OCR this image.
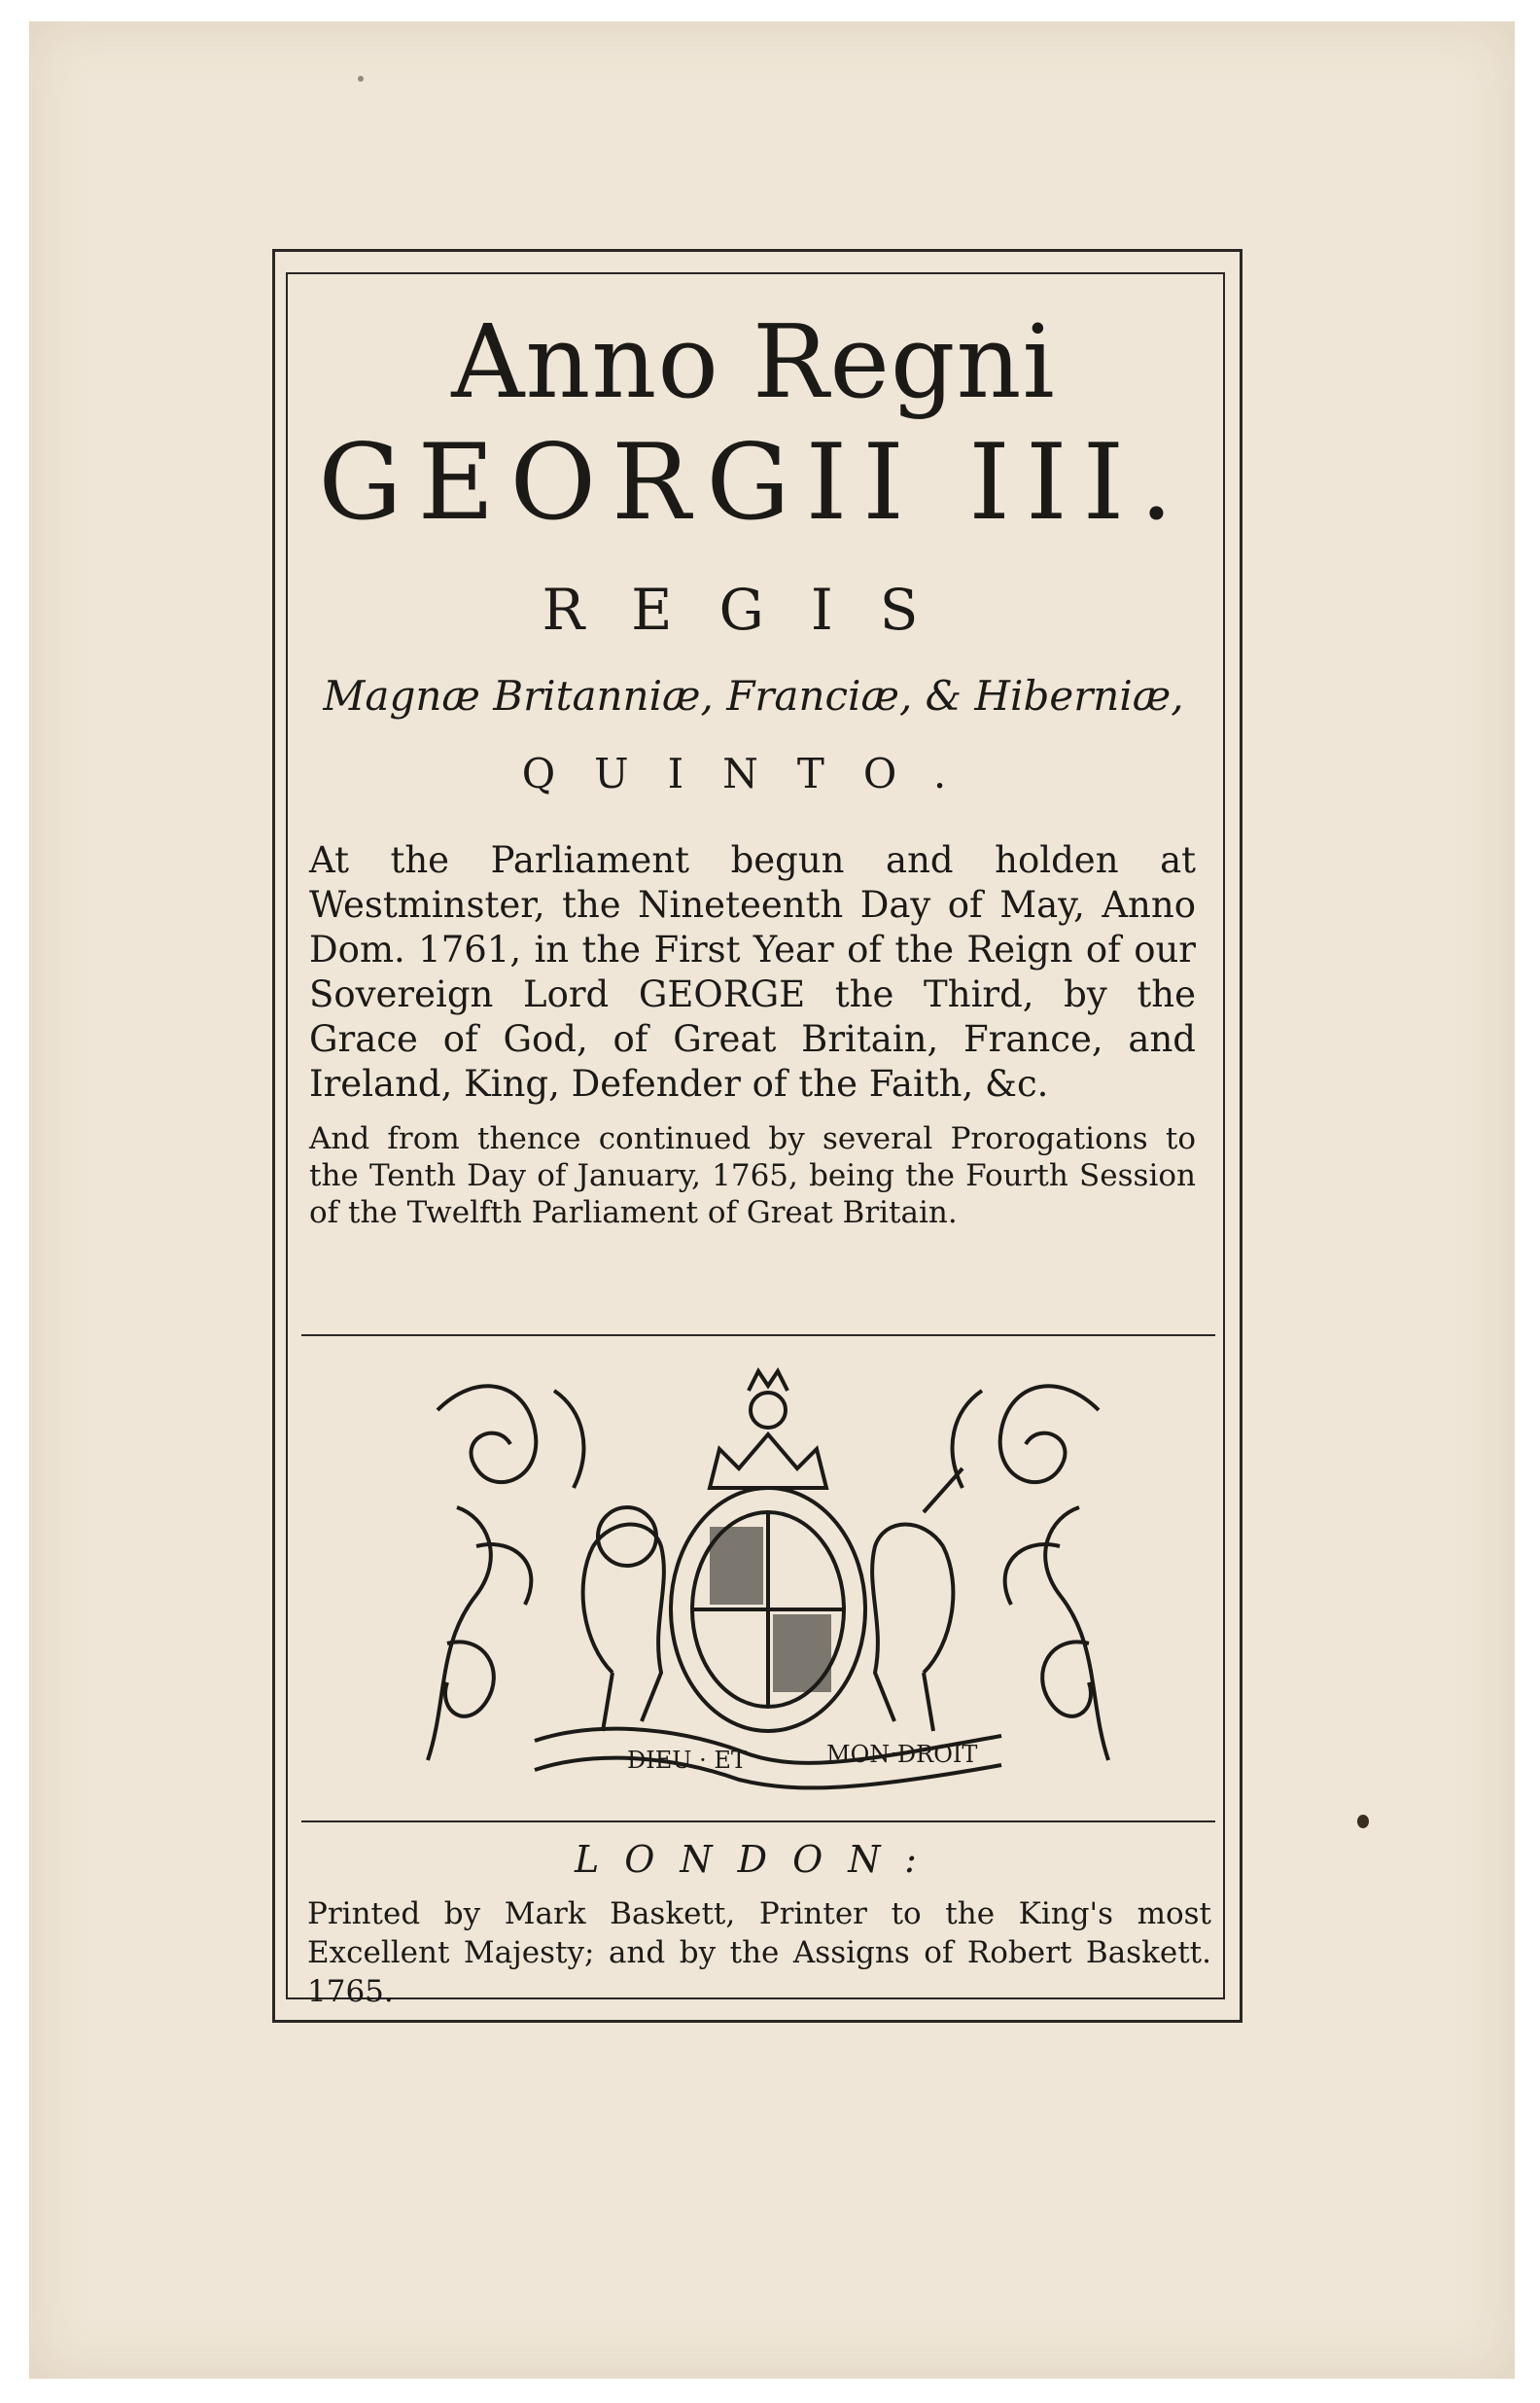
Anno Regni
GEORGII III.
REGIS
Magnæ Britanniæ, Franciæ, & Hiberniæ,
QUINTO.
At the Parliament begun and holden at Westminster, the Nineteenth Day of May, Anno Dom. 1761, in the First Year of the Reign of our Sovereign Lord GEORGE the Third, by the Grace of God, of Great Britain, France, and Ireland, King, Defender of the Faith, &c.
And from thence continued by several Prorogations to the Tenth Day of January, 1765, being the Fourth Session of the Twelfth Parliament of Great Britain.
DIEU · ET	MON·DROIT
LONDON:
Printed by Mark Baskett, Printer to the King's most Excellent Majesty; and by the Assigns of Robert Baskett. 1765.
